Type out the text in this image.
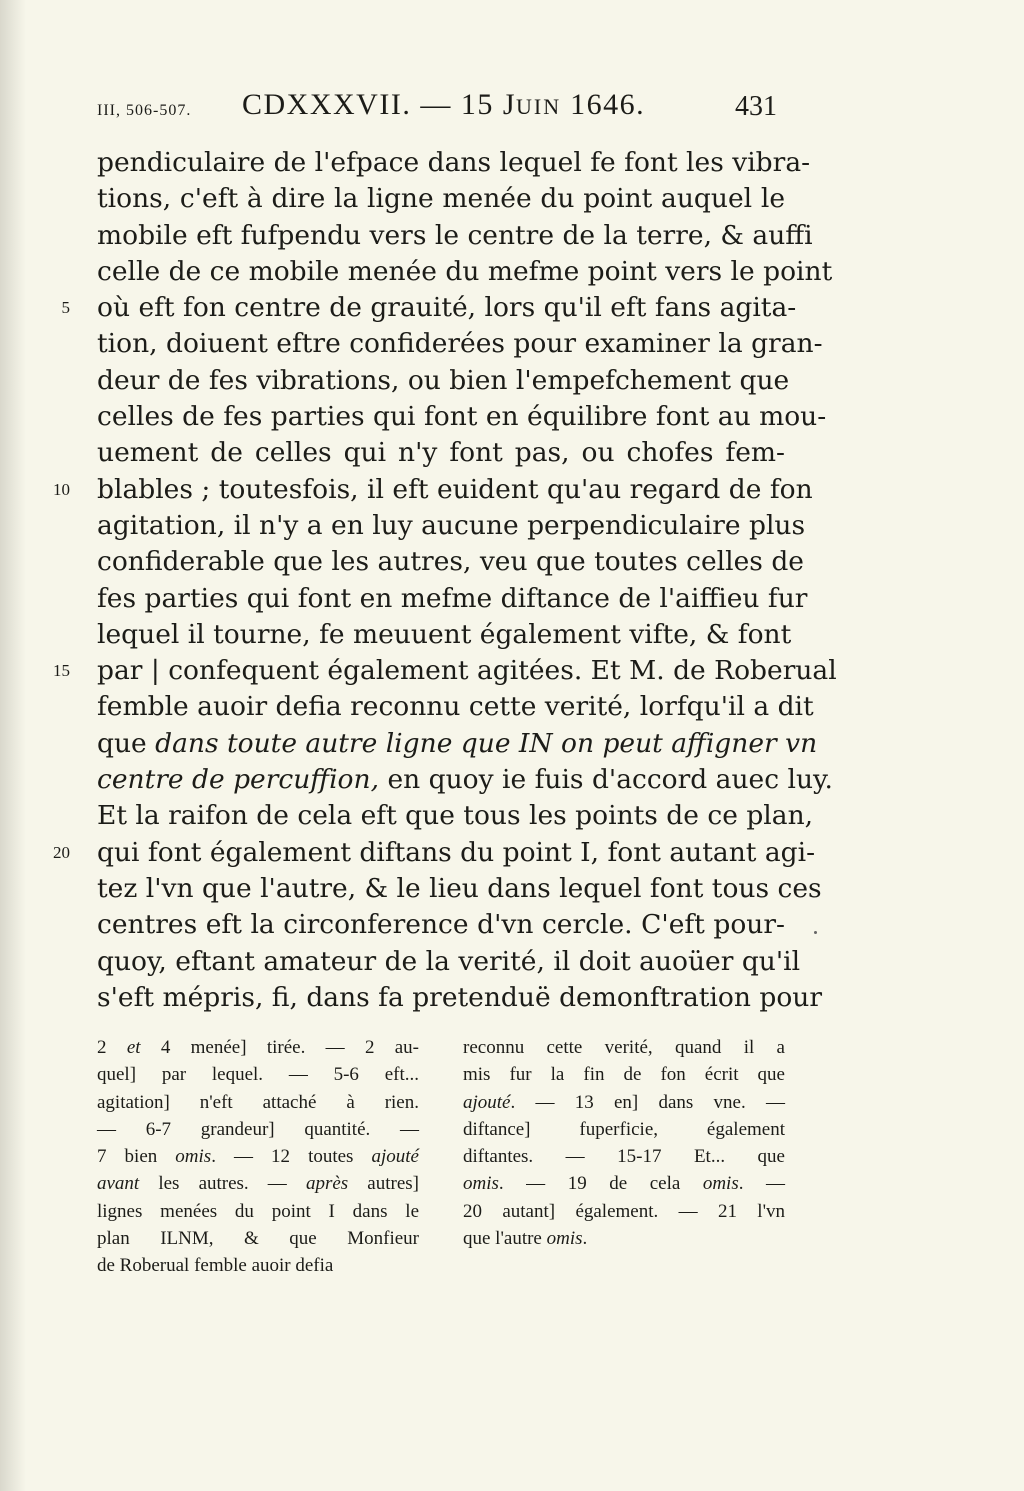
III, 506-507. CDXXXVII. — 15 JUIN 1646.	431
5
10
15
20
pendiculaire de l'efpace dans lequel fe font les vibra-
tions, c'eft à dire la ligne menée du point auquel le
mobile eft fufpendu vers le centre de la terre, & auffi
celle de ce mobile menée du mefme point vers le point
où eft fon centre de grauité, lors qu'il eft fans agita-
tion, doiuent eftre confiderées pour examiner la gran-
deur de fes vibrations, ou bien l'empefchement que
celles de fes parties qui font en équilibre font au mou-
uement de celles qui n'y font pas, ou chofes fem-
blables ; toutesfois, il eft euident qu'au regard de fon
agitation, il n'y a en luy aucune perpendiculaire plus
confiderable que les autres, veu que toutes celles de
fes parties qui font en mefme diftance de l'aiffieu fur
lequel il tourne, fe meuuent également vifte, & font
par | confequent également agitées. Et M. de Roberual
femble auoir defia reconnu cette verité, lorfqu'il a dit
que dans toute autre ligne que IN on peut affigner vn
centre de percuffion, en quoy ie fuis d'accord auec luy.
Et la raifon de cela eft que tous les points de ce plan,
qui font également diftans du point I, font autant agi-
tez l'vn que l'autre, & le lieu dans lequel font tous ces
centres eft la circonference d'vn cercle. C'eft pour-
quoy, eftant amateur de la verité, il doit auoüer qu'il
s'eft mépris, fi, dans fa pretenduë demonftration pour
2 et 4 menée] tirée. — 2 au-
quel] par lequel. — 5-6 eft...
agitation] n'eft attaché à rien.
— 6-7 grandeur] quantité. —
7 bien omis. — 12 toutes ajouté
avant les autres. — après autres]
lignes menées du point I dans le
plan ILNM, & que Monfieur
de Roberual femble auoir defia
reconnu cette verité, quand il a
mis fur la fin de fon écrit que
ajouté. — 13 en] dans vne. —
diftance] fuperficie, également
diftantes. — 15-17 Et... que
omis. — 19 de cela omis. —
20 autant] également. — 21 l'vn
que l'autre omis.
